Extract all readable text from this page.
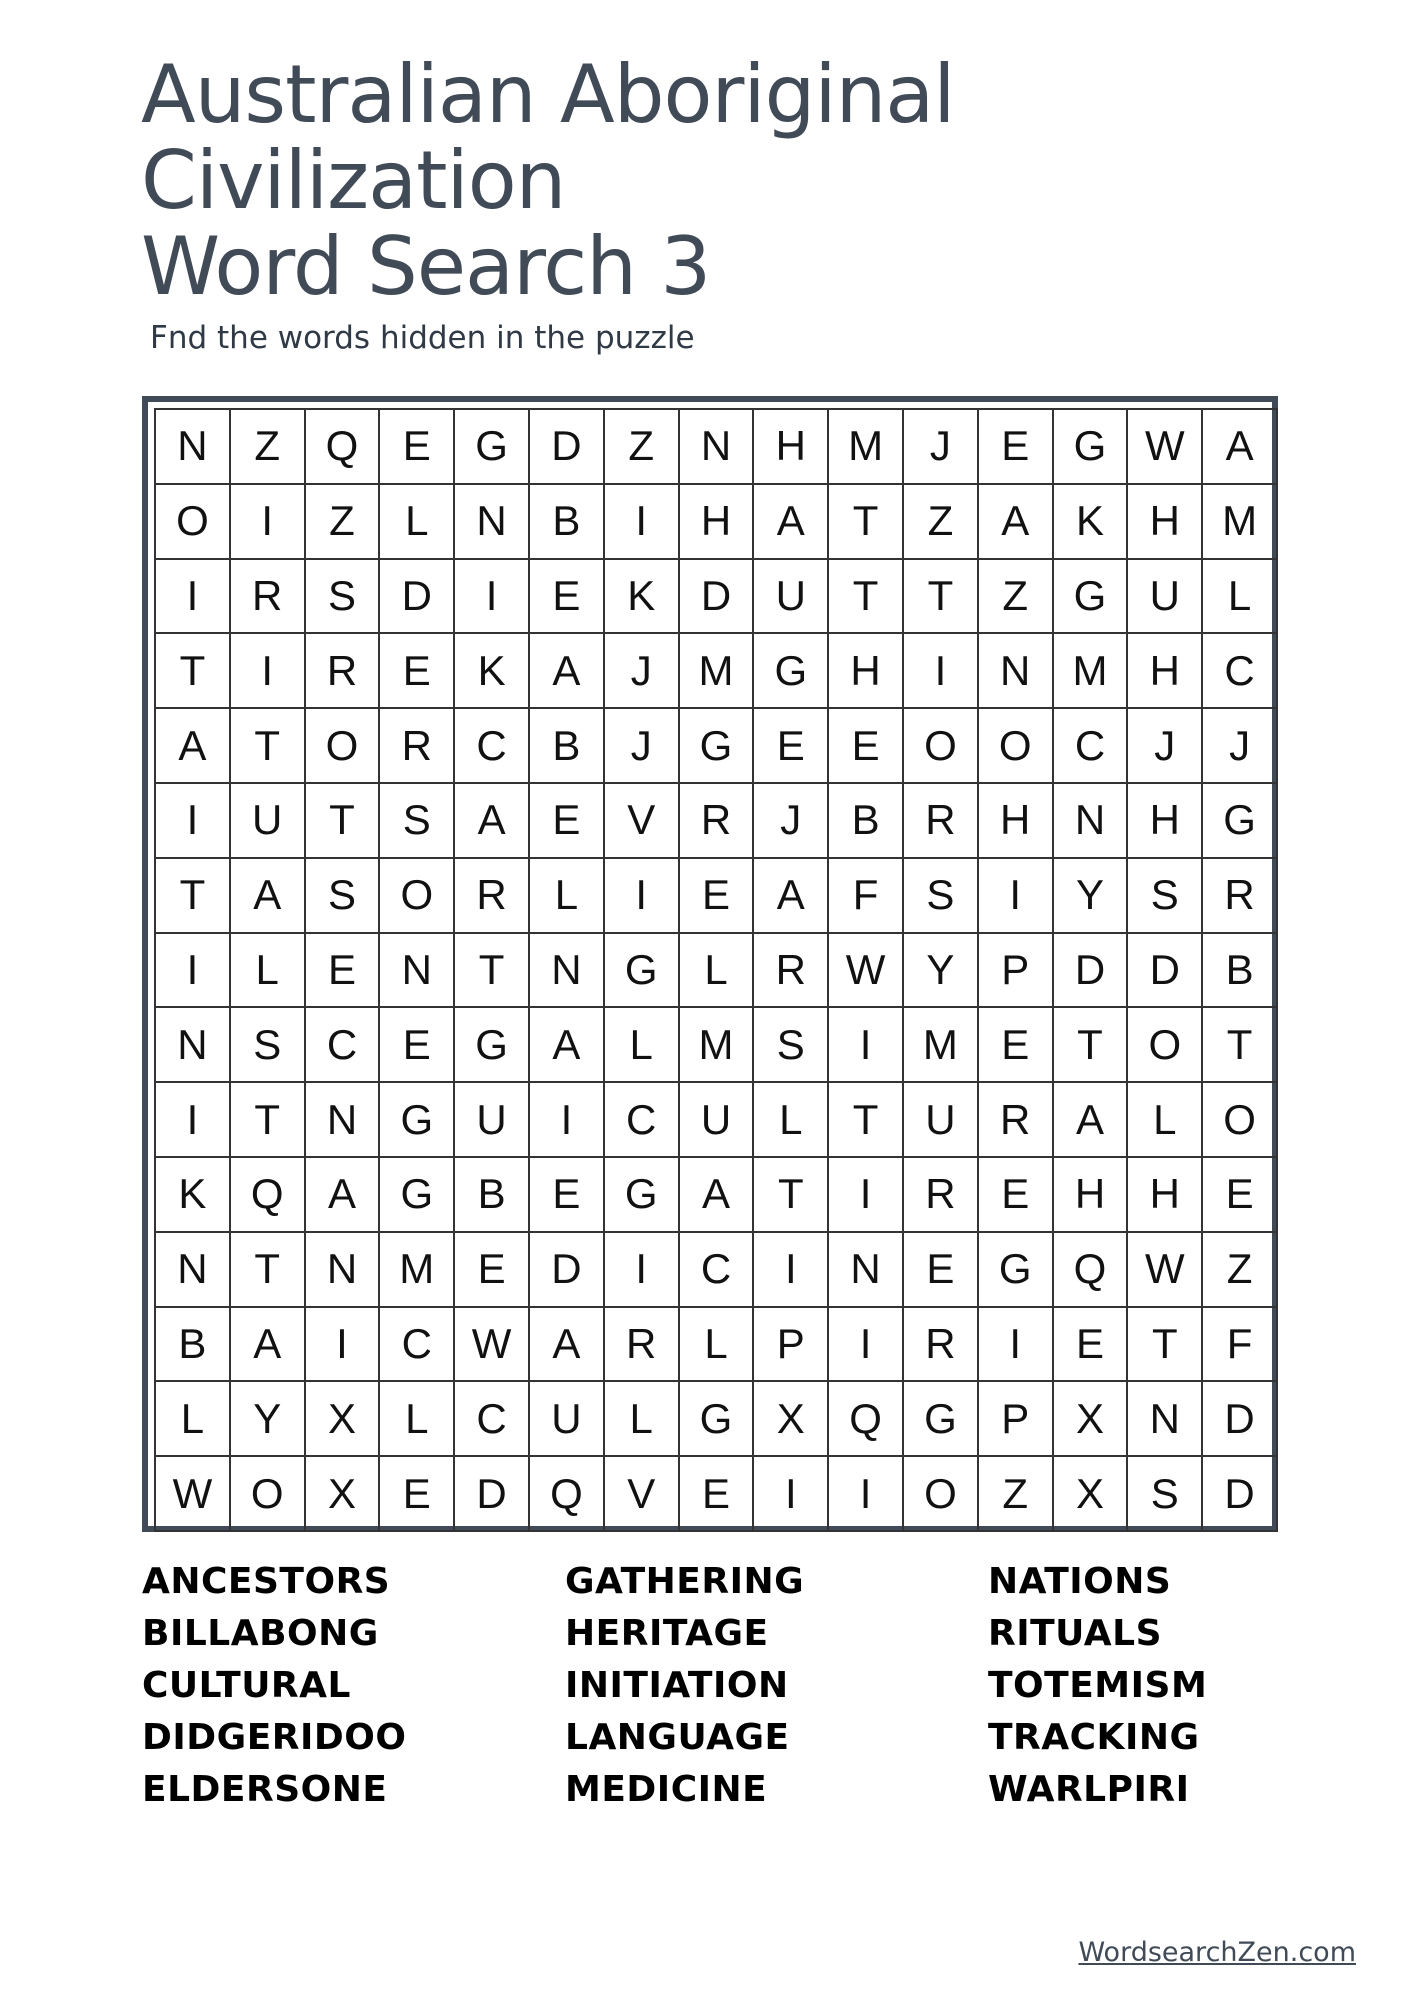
Australian Aboriginal
Civilization
Word Search 3
Fnd the words hidden in the puzzle
N	Z	Q	E	G	D	Z	N	H	M	J	E	G W A
O	I	Z	L	N	B	I	H	A	T	Z	A	K	H	M
I	R	S	D	I	E	K	D	U	T	T	Z	G	U	L
T	I	R	E	K	A	J	M G	H	I	N	M	H	C
A	T	O	R	C	B	J	G	E	E	O	O	C	J	J
I	U	T	S	A	E	V	R	J	B	R	H	N	H	G
T	A	S	O	R	L	I	E	A	F	S	I	Y	S	R
I	L	E	N	T	N	G	L	R W Y	P	D	D	B
N	S	C	E	G	A	L	M	S	I	M	E	T	O	T
I	T	N	G	U	I	C	U	L	T	U	R	A	L	O
K	Q	A	G	B	E	G	A	T	I	R	E	H	H	E
N	T	N	M	E	D	I	C	I	N	E	G	Q W	Z
B	A	I	C W A	R	L	P	I	R	I	E	T	F
L	Y	X	L	C	U	L	G	X	Q	G	P	X	N	D
W O	X	E	D	Q	V	E	I	I	O	Z	X	S	D
ANCESTORS
BILLABONG
CULTURAL
DIDGERIDOO
ELDERSONE
GATHERING
HERITAGE
INITIATION
LANGUAGE
MEDICINE
NATIONS
RITUALS
TOTEMISM
TRACKING
WARLPIRI
WordsearchZen.com
